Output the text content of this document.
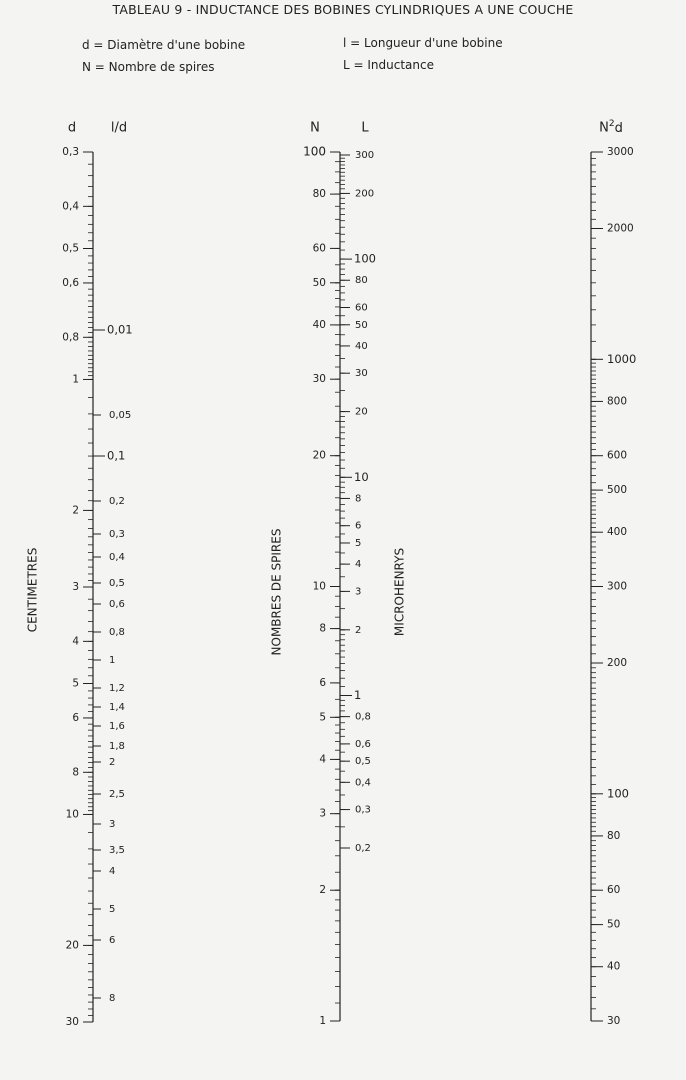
TABLEAU 9 - INDUCTANCE DES BOBINES CYLINDRIQUES A UNE COUCHE
d = Diamètre d'une bobine
N = Nombre de spires
l = Longueur d'une bobine
L = Inductance
d
0,3
0,4
0,5
0,6
0,8
1
2
3
4
5
6
8
10
20
30
CENTIMETRES
l/d
0,01
0,05
0,1
0,2
0,3
0,4
0,5
0,6
0,8
1
1,2
1,4
1,6
1,8
2
2,5
3
3,5
4
5
6
8
N
1
2
3
4
5
6
8
10
20
30
40
50
60
80
100
NOMBRES DE SPIRES
L
0,2
0,3
0,4
0,5
0,6
0,8
1
2
3
4
5
6
8
10
20
30
40
50
60
80
100
200
300
MICROHENRYS
$N^2d$
30
40
50
60
80
100
200
300
400
500
600
800
1000
2000
3000
